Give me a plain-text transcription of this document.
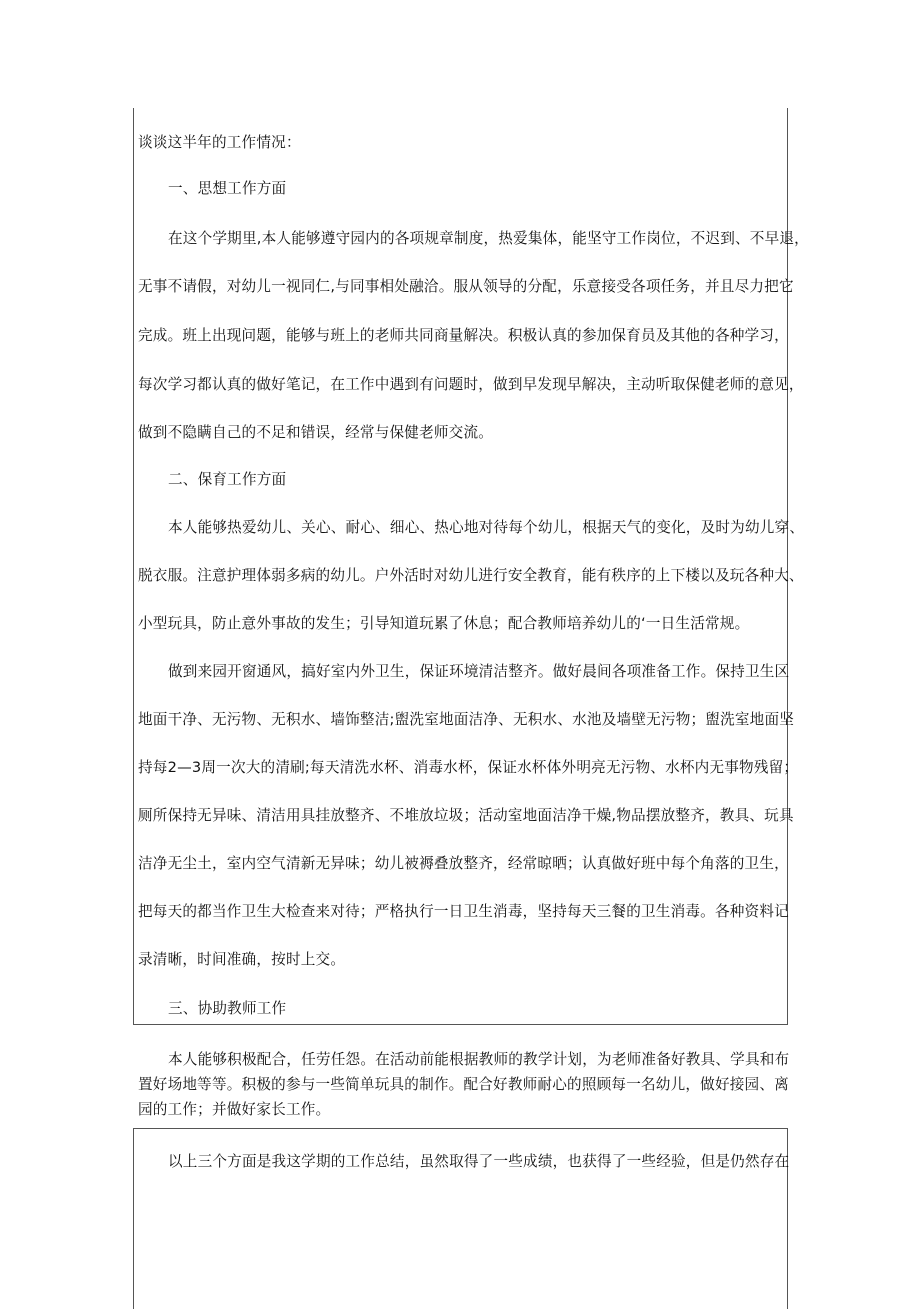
谈谈这半年的工作情况：
一、思想工作方面
在这个学期里,本人能够遵守园内的各项规章制度，热爱集体，能坚守工作岗位，不迟到、不早退，
无事不请假，对幼儿一视同仁,与同事相处融洽。服从领导的分配，乐意接受各项任务，并且尽力把它
完成。班上出现问题，能够与班上的老师共同商量解决。积极认真的参加保育员及其他的各种学习，
每次学习都认真的做好笔记，在工作中遇到有问题时，做到早发现早解决，主动听取保健老师的意见，
做到不隐瞒自己的不足和错误，经常与保健老师交流。
二、保育工作方面
本人能够热爱幼儿、关心、耐心、细心、热心地对待每个幼儿，根据天气的变化，及时为幼儿穿、
脱衣服。注意护理体弱多病的幼儿。户外活时对幼儿进行安全教育，能有秩序的上下楼以及玩各种大、
小型玩具，防止意外事故的发生；引导知道玩累了休息；配合教师培养幼儿的‘一日生活常规。
做到来园开窗通风，搞好室内外卫生，保证环境清洁整齐。做好晨间各项准备工作。保持卫生区
地面干净、无污物、无积水、墙饰整洁;盥洗室地面洁净、无积水、水池及墙壁无污物；盥洗室地面坚
持每2—3周一次大的清刷;每天清洗水杯、消毒水杯，保证水杯体外明亮无污物、水杯内无事物残留；
厕所保持无异味、清洁用具挂放整齐、不堆放垃圾；活动室地面洁净干燥,物品摆放整齐，教具、玩具
洁净无尘土，室内空气清新无异味；幼儿被褥叠放整齐，经常晾晒；认真做好班中每个角落的卫生，
把每天的都当作卫生大检查来对待；严格执行一日卫生消毒，坚持每天三餐的卫生消毒。各种资料记
录清晰，时间准确，按时上交。
三、协助教师工作
本人能够积极配合，任劳任怨。在活动前能根据教师的教学计划，为老师准备好教具、学具和布
置好场地等等。积极的参与一些简单玩具的制作。配合好教师耐心的照顾每一名幼儿，做好接园、离
园的工作；并做好家长工作。
以上三个方面是我这学期的工作总结，虽然取得了一些成绩，也获得了一些经验，但是仍然存在
